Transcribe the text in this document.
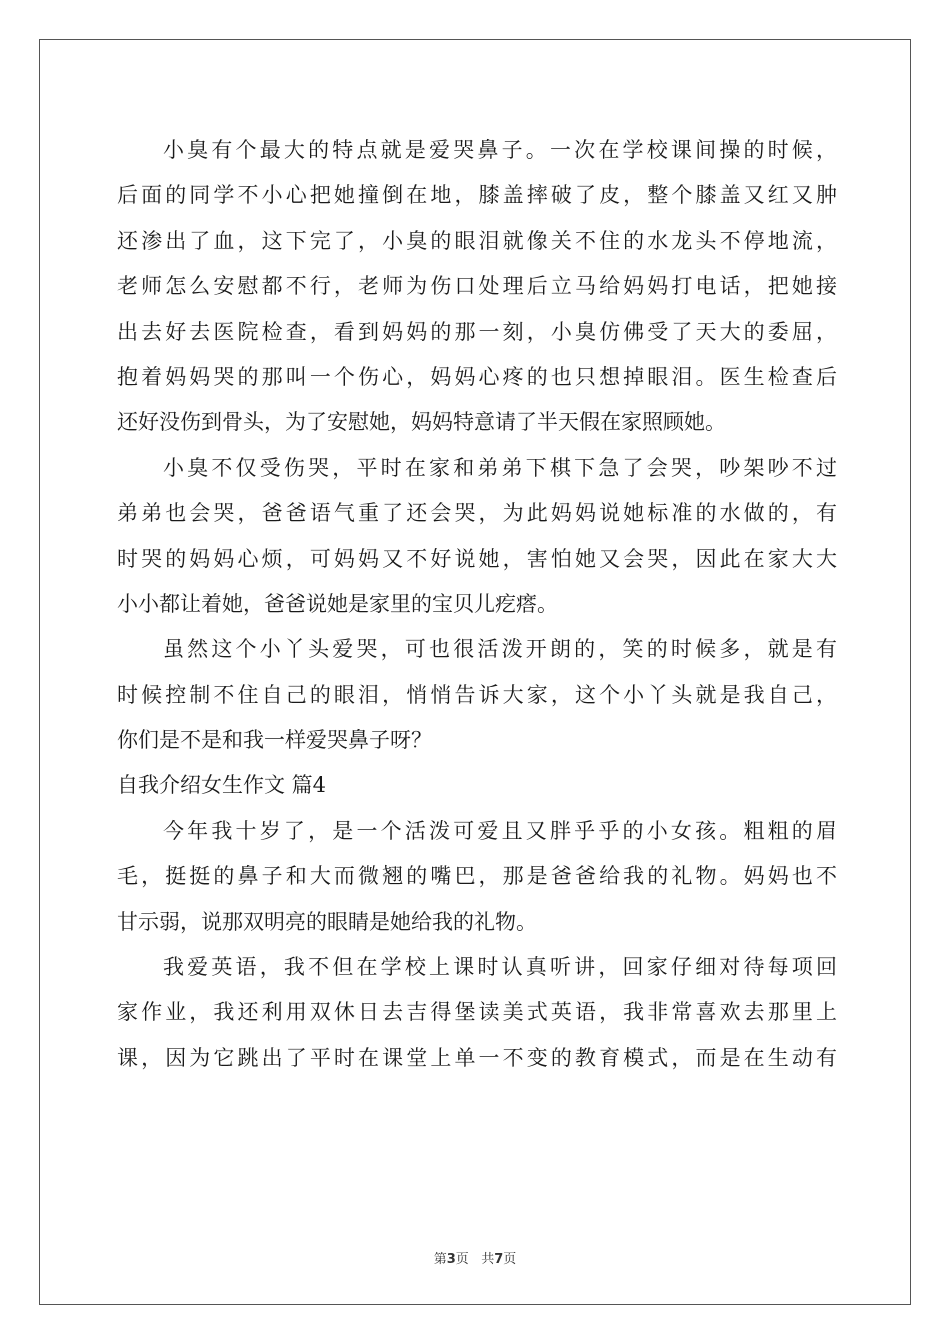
小臭有个最大的特点就是爱哭鼻子。一次在学校课间操的时候，
后面的同学不小心把她撞倒在地，膝盖摔破了皮，整个膝盖又红又肿
还渗出了血，这下完了，小臭的眼泪就像关不住的水龙头不停地流，
老师怎么安慰都不行，老师为伤口处理后立马给妈妈打电话，把她接
出去好去医院检查，看到妈妈的那一刻，小臭仿佛受了天大的委屈，
抱着妈妈哭的那叫一个伤心，妈妈心疼的也只想掉眼泪。医生检查后
还好没伤到骨头，为了安慰她，妈妈特意请了半天假在家照顾她。
小臭不仅受伤哭，平时在家和弟弟下棋下急了会哭，吵架吵不过
弟弟也会哭，爸爸语气重了还会哭，为此妈妈说她标准的水做的，有
时哭的妈妈心烦，可妈妈又不好说她，害怕她又会哭，因此在家大大
小小都让着她，爸爸说她是家里的宝贝儿疙瘩。
虽然这个小丫头爱哭，可也很活泼开朗的，笑的时候多，就是有
时候控制不住自己的眼泪，悄悄告诉大家，这个小丫头就是我自己，
你们是不是和我一样爱哭鼻子呀？
自我介绍女生作文 篇4
今年我十岁了，是一个活泼可爱且又胖乎乎的小女孩。粗粗的眉
毛，挺挺的鼻子和大而微翘的嘴巴，那是爸爸给我的礼物。妈妈也不
甘示弱，说那双明亮的眼睛是她给我的礼物。
我爱英语，我不但在学校上课时认真听讲，回家仔细对待每项回
家作业，我还利用双休日去吉得堡读美式英语，我非常喜欢去那里上
课，因为它跳出了平时在课堂上单一不变的教育模式，而是在生动有
第3页 共7页
